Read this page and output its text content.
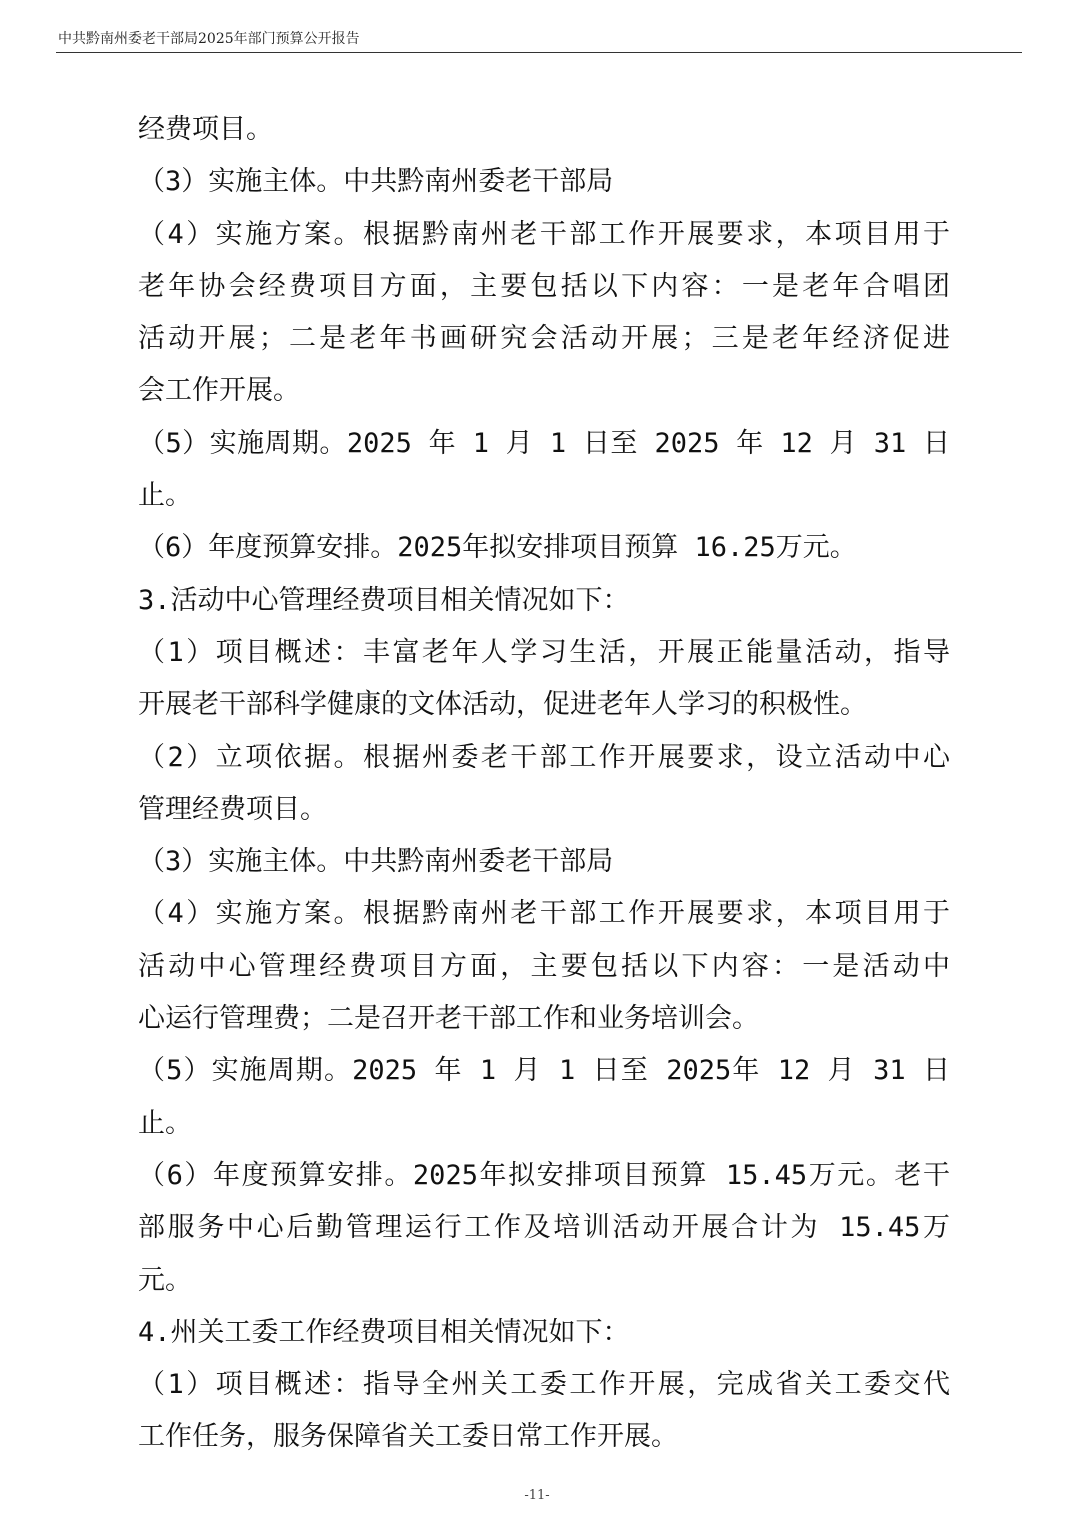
中共黔南州委老干部局2025年部门预算公开报告
经费项目。
（3）实施主体。中共黔南州委老干部局
（4）实施方案。根据黔南州老干部工作开展要求，本项目用于
老年协会经费项目方面，主要包括以下内容：一是老年合唱团
活动开展；二是老年书画研究会活动开展；三是老年经济促进
会工作开展。
（5）实施周期。2025 年 1 月 1 日至 2025 年 12 月 31 日
止。
（6）年度预算安排。2025年拟安排项目预算 16.25万元。
3.活动中心管理经费项目相关情况如下：
（1）项目概述：丰富老年人学习生活，开展正能量活动，指导
开展老干部科学健康的文体活动，促进老年人学习的积极性。
（2）立项依据。根据州委老干部工作开展要求，设立活动中心
管理经费项目。
（3）实施主体。中共黔南州委老干部局
（4）实施方案。根据黔南州老干部工作开展要求，本项目用于
活动中心管理经费项目方面，主要包括以下内容：一是活动中
心运行管理费；二是召开老干部工作和业务培训会。
（5）实施周期。2025 年 1 月 1 日至 2025年 12 月 31 日
止。
（6）年度预算安排。2025年拟安排项目预算 15.45万元。老干
部服务中心后勤管理运行工作及培训活动开展合计为 15.45万
元。
4.州关工委工作经费项目相关情况如下：
（1）项目概述：指导全州关工委工作开展，完成省关工委交代
工作任务，服务保障省关工委日常工作开展。
-11-
